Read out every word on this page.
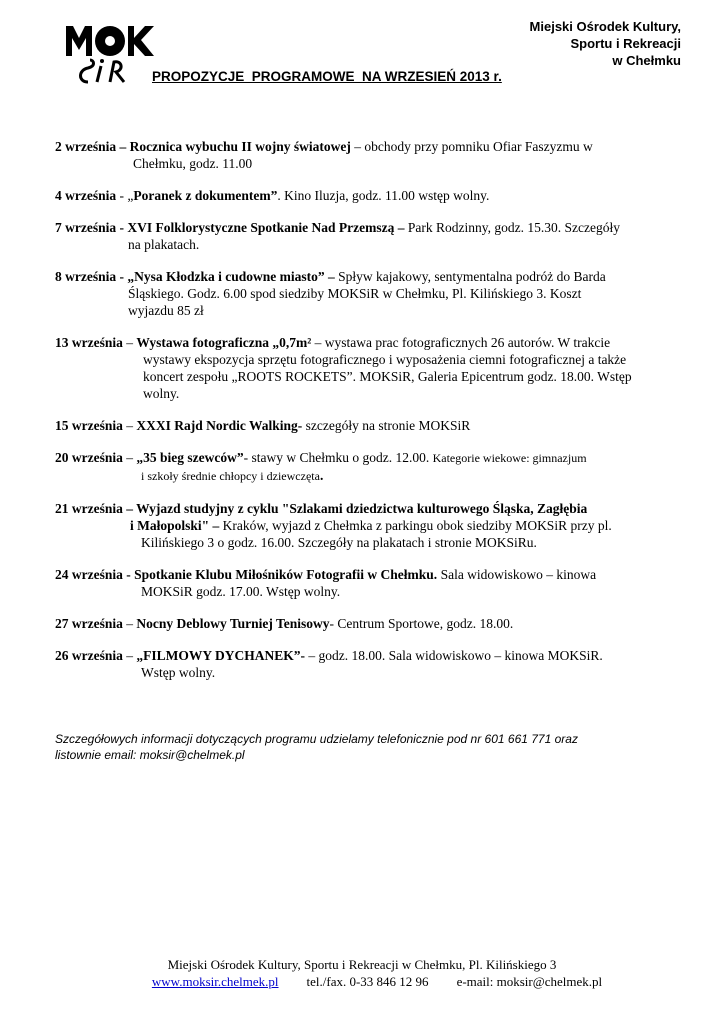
Miejski Ośrodek Kultury,
Sportu i Rekreacji
w Chełmku
PROPOZYCJE  PROGRAMOWE  NA WRZESIEŃ 2013 r.
2 września – Rocznica wybuchu II wojny światowej – obchody przy pomniku Ofiar Faszyzmu w
Chełmku, godz. 11.00
4 września - „Poranek z dokumentem”. Kino Iluzja, godz. 11.00 wstęp wolny.
7 września - XVI Folklorystyczne Spotkanie Nad Przemszą – Park Rodzinny, godz. 15.30. Szczegóły
na plakatach.
8 września - „Nysa Kłodzka i cudowne miasto” – Spływ kajakowy, sentymentalna podróż do Barda
Śląskiego. Godz. 6.00 spod siedziby MOKSiR w Chełmku, Pl. Kilińskiego 3. Koszt
wyjazdu 85 zł
13 września – Wystawa fotograficzna „0,7m² – wystawa prac fotograficznych 26 autorów. W trakcie
wystawy ekspozycja sprzętu fotograficznego i wyposażenia ciemni fotograficznej a także
koncert zespołu „ROOTS ROCKETS”. MOKSiR, Galeria Epicentrum godz. 18.00. Wstęp
wolny.
15 września – XXXI Rajd Nordic Walking- szczegóły na stronie MOKSiR
20 września – „35 bieg szewców”- stawy w Chełmku o godz. 12.00. Kategorie wiekowe: gimnazjum
i szkoły średnie chłopcy i dziewczęta.
21 września – Wyjazd studyjny z cyklu "Szlakami dziedzictwa kulturowego Śląska, Zagłębia
i Małopolski" – Kraków, wyjazd z Chełmka z parkingu obok siedziby MOKSiR przy pl.
Kilińskiego 3 o godz. 16.00. Szczegóły na plakatach i stronie MOKSiRu.
24 września - Spotkanie Klubu Miłośników Fotografii w Chełmku. Sala widowiskowo – kinowa
MOKSiR godz. 17.00. Wstęp wolny.
27 września – Nocny Deblowy Turniej Tenisowy- Centrum Sportowe, godz. 18.00.
26 września – „FILMOWY DYCHANEK”- – godz. 18.00. Sala widowiskowo – kinowa MOKSiR.
Wstęp wolny.
Szczegółowych informacji dotyczących programu udzielamy telefonicznie pod nr 601 661 771 oraz
listownie email: moksir@chelmek.pl
Miejski Ośrodek Kultury, Sportu i Rekreacji w Chełmku, Pl. Kilińskiego 3
www.moksir.chelmek.pl tel./fax. 0-33 846 12 96 e-mail: moksir@chelmek.pl
